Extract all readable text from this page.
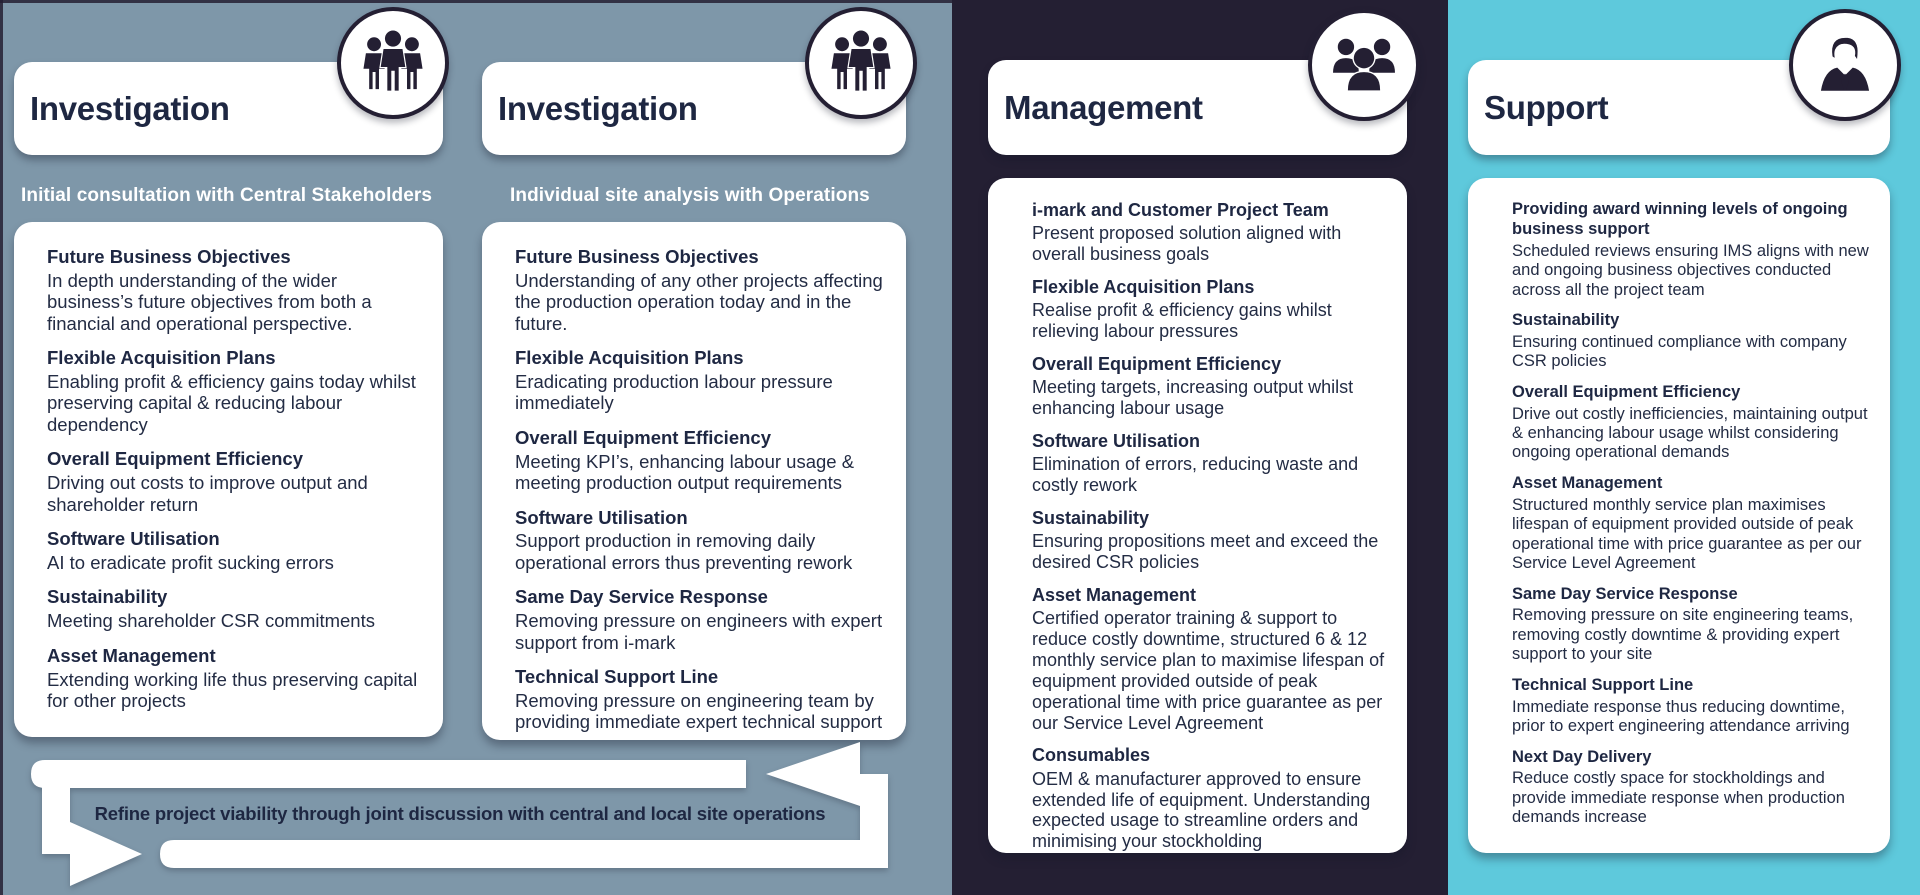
Investigation
Initial consultation with Central Stakeholders
Future Business Objectives

In depth understanding of the wider business’s future objectives from both a financial and operational perspective.

Flexible Acquisition Plans

Enabling profit & efficiency gains today whilst preserving capital & reducing labour dependency

Overall Equipment Efficiency

Driving out costs to improve output and shareholder return

Software Utilisation

AI to eradicate profit sucking errors

Sustainability

Meeting shareholder CSR commitments

Asset Management

Extending working life thus preserving capital for other projects

Investigation
Individual site analysis with Operations
Future Business Objectives

Understanding of any other projects affecting the production operation today and in the future.

Flexible Acquisition Plans

Eradicating production labour pressure immediately

Overall Equipment Efficiency

Meeting KPI’s, enhancing labour usage & meeting production output requirements

Software Utilisation

Support production in removing daily operational errors thus preventing rework

Same Day Service Response

Removing pressure on engineers with expert support from i-mark

Technical Support Line

Removing pressure on engineering team by providing immediate expert technical support

Refine project viability through joint discussion with central and local site operations
Management
i-mark and Customer Project Team

Present proposed solution aligned with overall business goals

Flexible Acquisition Plans

Realise profit & efficiency gains whilst relieving labour pressures

Overall Equipment Efficiency

Meeting targets, increasing output whilst enhancing labour usage

Software Utilisation

Elimination of errors, reducing waste and costly rework

Sustainability

Ensuring propositions meet and exceed the desired CSR policies

Asset Management

Certified operator training & support to reduce costly downtime, structured 6 & 12 monthly service plan to maximise lifespan of equipment provided outside of peak operational time with price guarantee as per our Service Level Agreement

Consumables

OEM & manufacturer approved to ensure extended life of equipment. Understanding expected usage to streamline orders and minimising your stockholding

Support
Providing award winning levels of ongoing business support

Scheduled reviews ensuring IMS aligns with new and ongoing business objectives conducted across all the project team

Sustainability

Ensuring continued compliance with company CSR policies

Overall Equipment Efficiency

Drive out costly inefficiencies, maintaining output & enhancing labour usage whilst considering ongoing operational demands

Asset Management

Structured monthly service plan maximises lifespan of equipment provided outside of peak operational time with price guarantee as per our Service Level Agreement

Same Day Service Response

Removing pressure on site engineering teams, removing costly downtime & providing expert support to your site

Technical Support Line

Immediate response thus reducing downtime, prior to expert engineering attendance arriving

Next Day Delivery

Reduce costly space for stockholdings and provide immediate response when production demands increase
